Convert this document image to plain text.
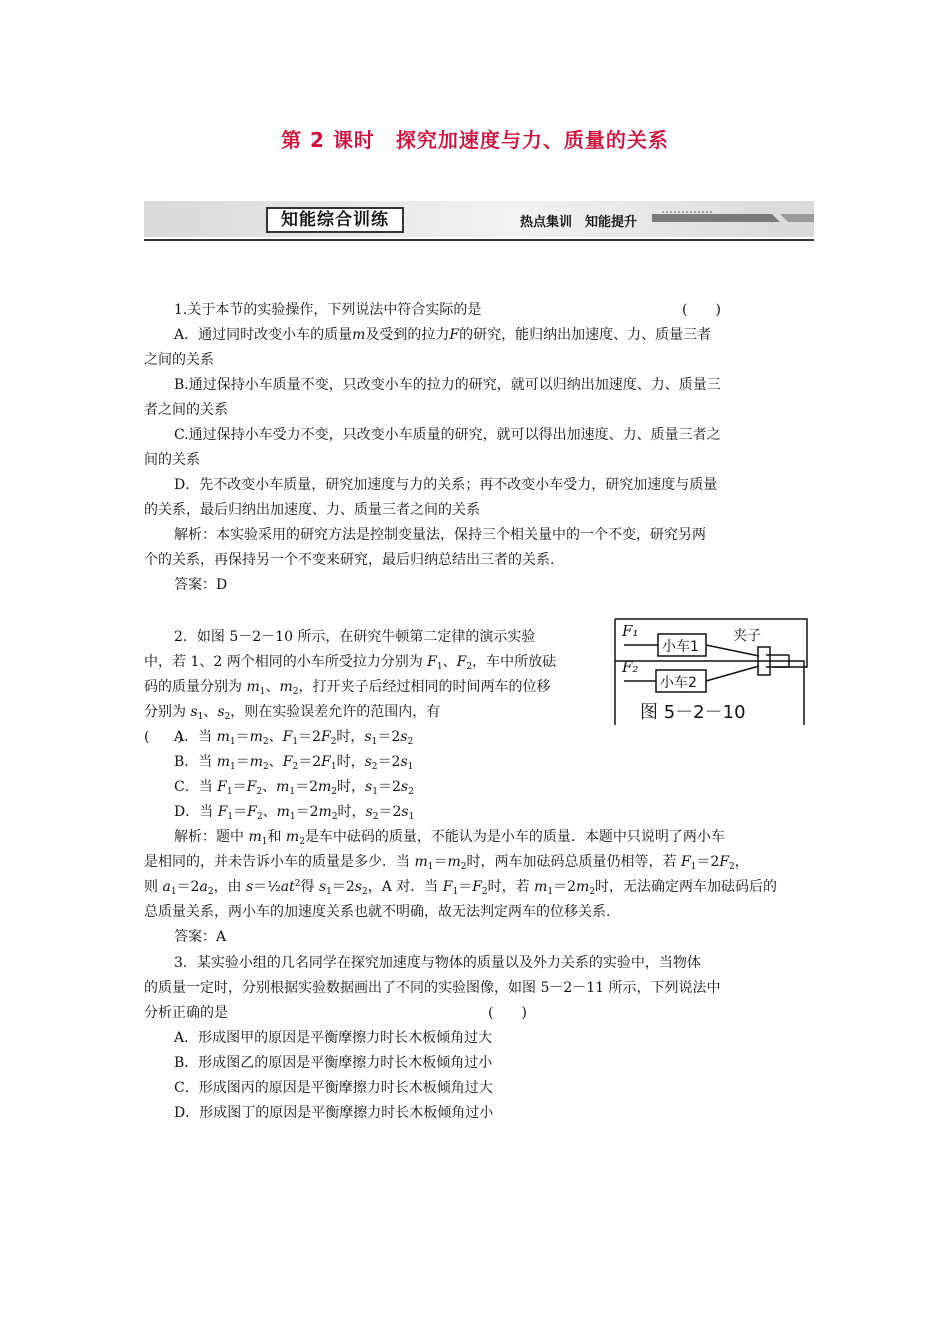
第 2 课时　探究加速度与力、质量的关系
知能综合训练	热点集训　知能提升

1.关于本节的实验操作，下列说法中符合实际的是	(　　)

A．通过同时改变小车的质量m及受到的拉力F的研究，能归纳出加速度、力、质量三者

之间的关系

B.通过保持小车质量不变，只改变小车的拉力的研究，就可以归纳出加速度、力、质量三

者之间的关系

C.通过保持小车受力不变，只改变小车质量的研究，就可以得出加速度、力、质量三者之

间的关系

D．先不改变小车质量，研究加速度与力的关系；再不改变小车受力，研究加速度与质量

的关系，最后归纳出加速度、力、质量三者之间的关系

解析：本实验采用的研究方法是控制变量法，保持三个相关量中的一个不变，研究另两

个的关系，再保持另一个不变来研究，最后归纳总结出三者的关系.

答案：D

2．如图 5－2－10 所示，在研究牛顿第二定律的演示实验

中，若 1、2 两个相同的小车所受拉力分别为 $F_1$、$F_2$，车中所放砝

码的质量分别为 $m_1$、$m_2$，打开夹子后经过相同的时间两车的位移

分别为 $s_1$、$s_2$，则在实验误差允许的范围内，有

(　　)

F₁
F₂
小车1
小车2
夹子
图 5－2－10

A．当 $m_1=m_2$、$F_1=2F_2$时，$s_1=2s_2$

B．当 $m_1=m_2$、$F_2=2F_1$时，$s_2=2s_1$

C．当 $F_1=F_2$、$m_1=2m_2$时，$s_1=2s_2$

D．当 $F_1=F_2$、$m_1=2m_2$时，$s_2=2s_1$

解析：题中 $m_1$和 $m_2$是车中砝码的质量，不能认为是小车的质量．本题中只说明了两小车

是相同的，并未告诉小车的质量是多少．当 $m_1=m_2$时，两车加砝码总质量仍相等，若 $F_1=2F_2$，

则 $a_1=2a_2$，由 $s=\frac{1}{2}at^2$得 $s_1=2s_2$，A 对．当 $F_1=F_2$时，若 $m_1=2m_2$时，无法确定两车加砝码后的

总质量关系，两小车的加速度关系也就不明确，故无法判定两车的位移关系.

答案：A

3．某实验小组的几名同学在探究加速度与物体的质量以及外力关系的实验中，当物体

的质量一定时，分别根据实验数据画出了不同的实验图像，如图 5－2－11 所示，下列说法中

分析正确的是	(　　)

A．形成图甲的原因是平衡摩擦力时长木板倾角过大

B．形成图乙的原因是平衡摩擦力时长木板倾角过小

C．形成图丙的原因是平衡摩擦力时长木板倾角过大

D．形成图丁的原因是平衡摩擦力时长木板倾角过小
